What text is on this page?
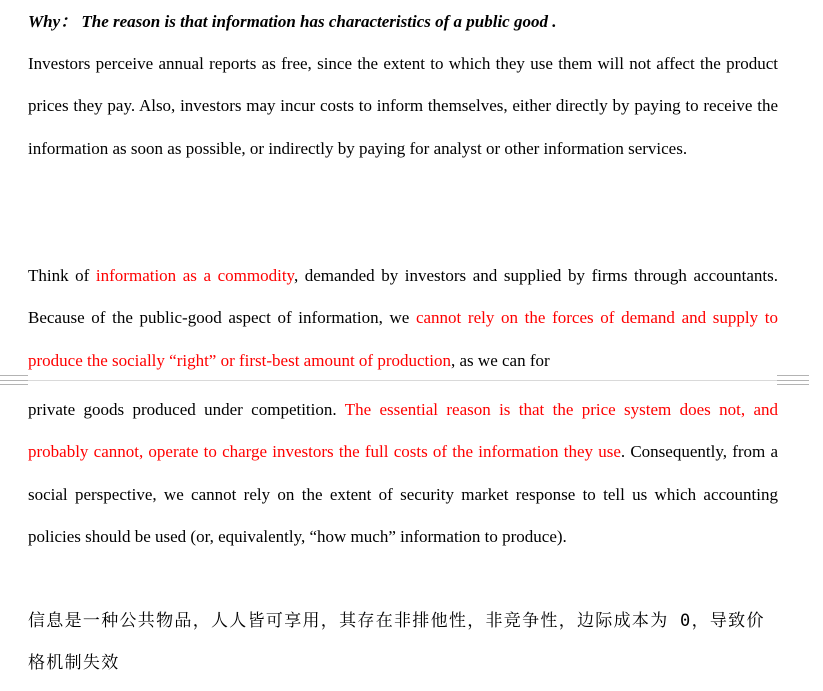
Why： The reason is that information has characteristics of a public good .
Investors perceive annual reports as free, since the extent to which they use them will not affect the product prices they pay. Also, investors may incur costs to inform themselves, either directly by paying to receive the information as soon as possible, or indirectly by paying for analyst or other information services.
Think of information as a commodity, demanded by investors and supplied by firms through accountants. Because of the public-good aspect of information, we cannot rely on the forces of demand and supply to produce the socially “right” or first-best amount of production, as we can for
private goods produced under competition. The essential reason is that the price system does not, and probably cannot, operate to charge investors the full costs of the information they use. Consequently, from a social perspective, we cannot rely on the extent of security market response to tell us which accounting policies should be used (or, equivalently, “how much” information to produce).
信息是一种公共物品，人人皆可享用，其存在非排他性，非竞争性，边际成本为 0，导致价格机制失效
